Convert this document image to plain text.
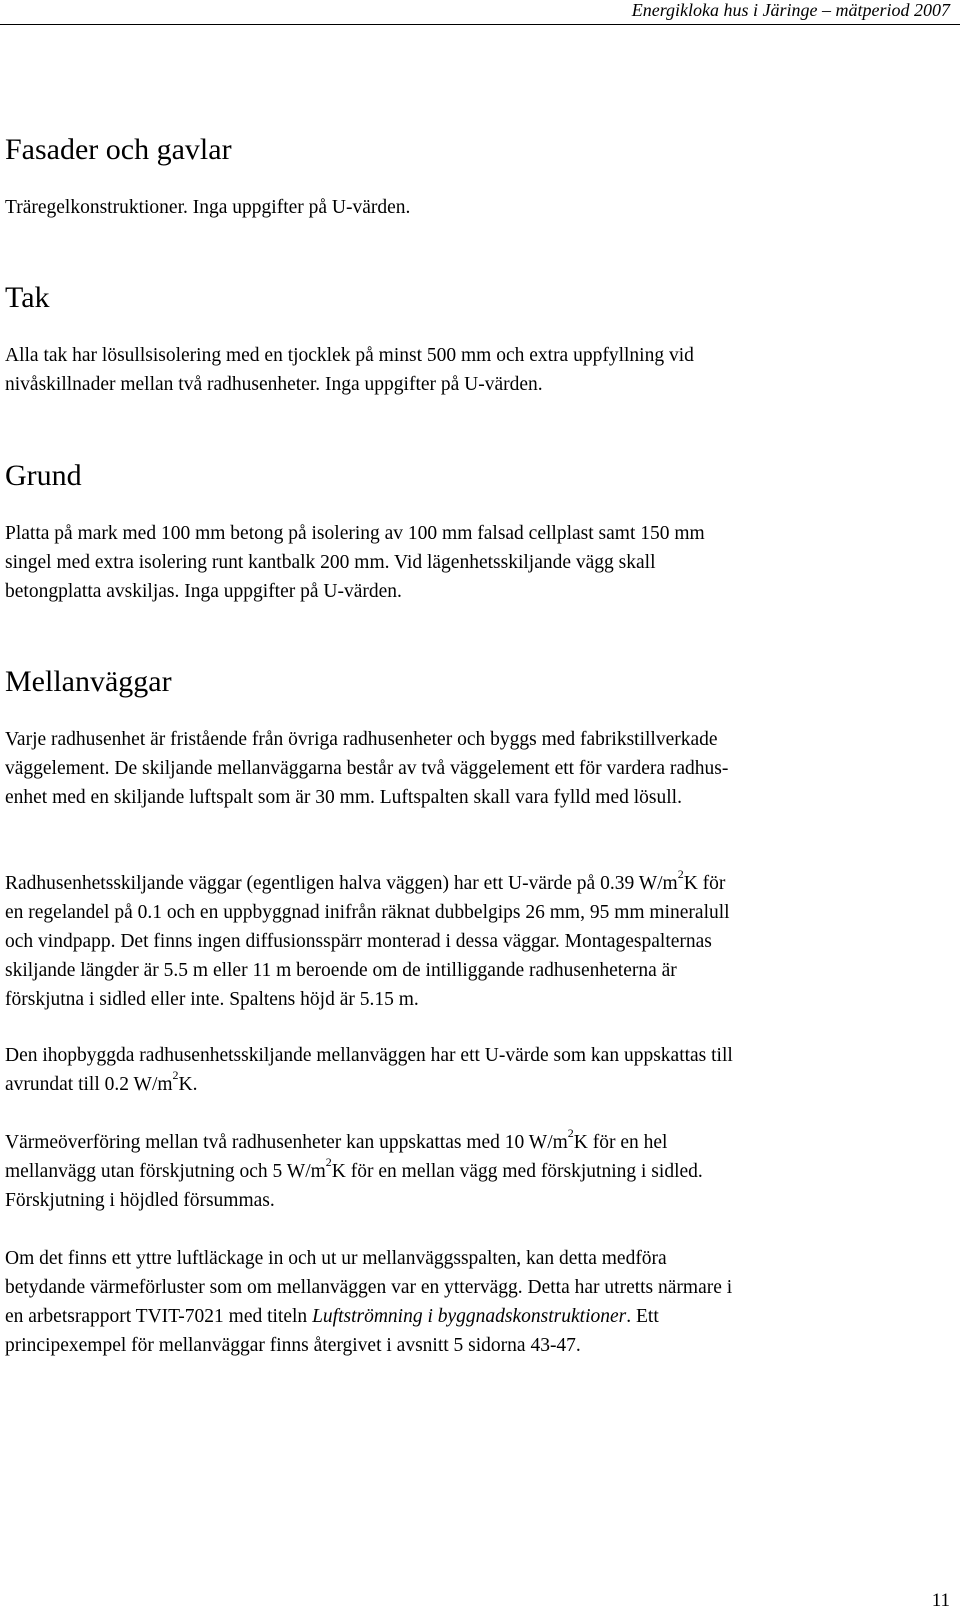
Energikloka hus i Järinge – mätperiod 2007
Fasader och gavlar

Träregelkonstruktioner. Inga uppgifter på U-värden.

Tak

Alla tak har lösullsisolering med en tjocklek på minst 500 mm och extra uppfyllning vid
nivåskillnader mellan två radhusenheter. Inga uppgifter på U-värden.

Grund

Platta på mark med 100 mm betong på isolering av 100 mm falsad cellplast samt 150 mm
singel med extra isolering runt kantbalk 200 mm. Vid lägenhetsskiljande vägg skall
betongplatta avskiljas. Inga uppgifter på U-värden.

Mellanväggar

Varje radhusenhet är fristående från övriga radhusenheter och byggs med fabrikstillverkade
väggelement. De skiljande mellanväggarna består av två väggelement ett för vardera radhus-
enhet med en skiljande luftspalt som är 30 mm. Luftspalten skall vara fylld med lösull.

Radhusenhetsskiljande väggar (egentligen halva väggen) har ett U-värde på 0.39 $W/m^2K$ för
en regelandel på 0.1 och en uppbyggnad inifrån räknat dubbelgips 26 mm, 95 mm mineralull
och vindpapp. Det finns ingen diffusionsspärr monterad i dessa väggar. Montagespalternas
skiljande längder är 5.5 m eller 11 m beroende om de intilliggande radhusenheterna är
förskjutna i sidled eller inte. Spaltens höjd är 5.15 m.

Den ihopbyggda radhusenhetsskiljande mellanväggen har ett U-värde som kan uppskattas till
avrundat till 0.2 $W/m^2K$.

Värmeöverföring mellan två radhusenheter kan uppskattas med 10 $W/m^2K$ för en hel
mellanvägg utan förskjutning och 5 $W/m^2K$ för en mellan vägg med förskjutning i sidled.
Förskjutning i höjdled försummas.

Om det finns ett yttre luftläckage in och ut ur mellanväggsspalten, kan detta medföra
betydande värmeförluster som om mellanväggen var en yttervägg. Detta har utretts närmare i
en arbetsrapport TVIT-7021 med titeln Luftströmning i byggnadskonstruktioner. Ett
principexempel för mellanväggar finns återgivet i avsnitt 5 sidorna 43-47.

11
